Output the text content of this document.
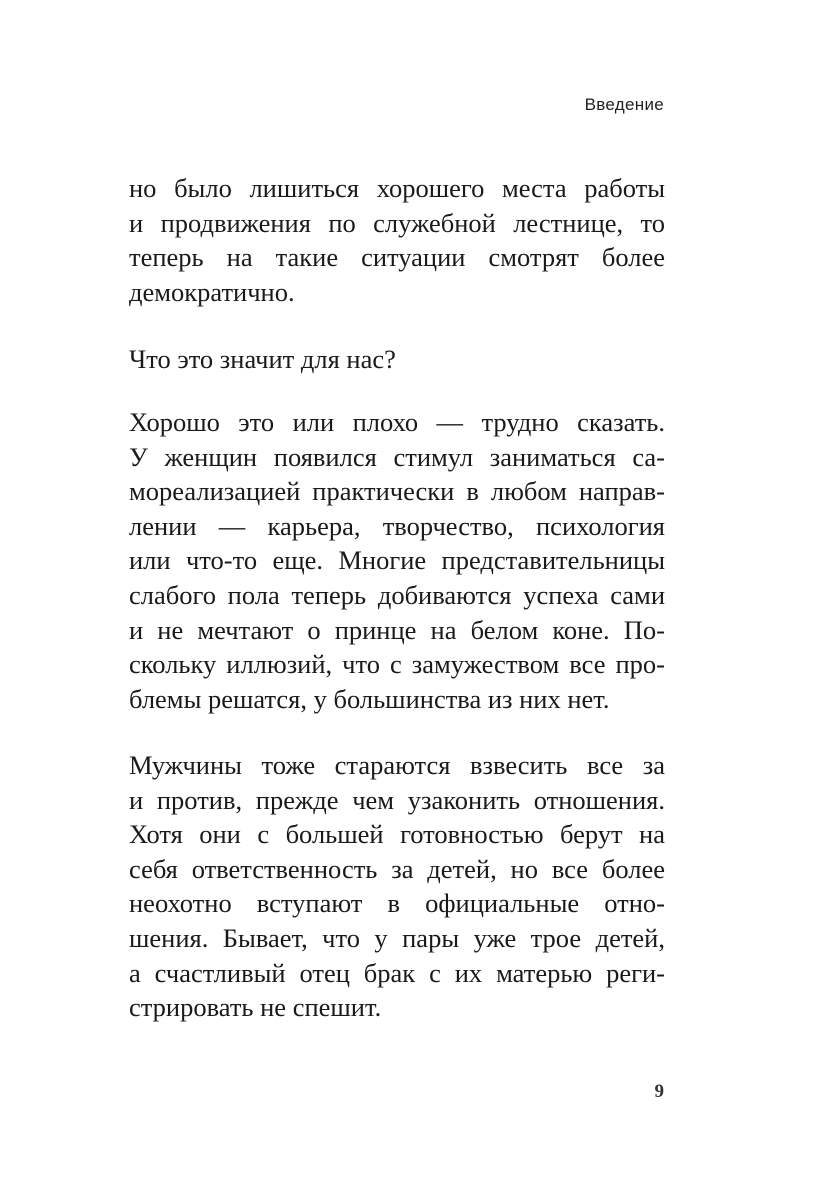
Введение
но было лишиться хорошего места работы
и продвижения по служебной лестнице, то
теперь на такие ситуации смотрят более
демократично.
Что это значит для нас?
Хорошо это или плохо — трудно сказать.
У женщин появился стимул заниматься са-
мореализацией практически в любом направ-
лении — карьера, творчество, психология
или что-то еще. Многие представительницы
слабого пола теперь добиваются успеха сами
и не мечтают о принце на белом коне. По-
скольку иллюзий, что с замужеством все про-
блемы решатся, у большинства из них нет.
Мужчины тоже стараются взвесить все за
и против, прежде чем узаконить отношения.
Хотя они с большей готовностью берут на
себя ответственность за детей, но все более
неохотно вступают в официальные отно-
шения. Бывает, что у пары уже трое детей,
а счастливый отец брак с их матерью реги-
стрировать не спешит.
9
